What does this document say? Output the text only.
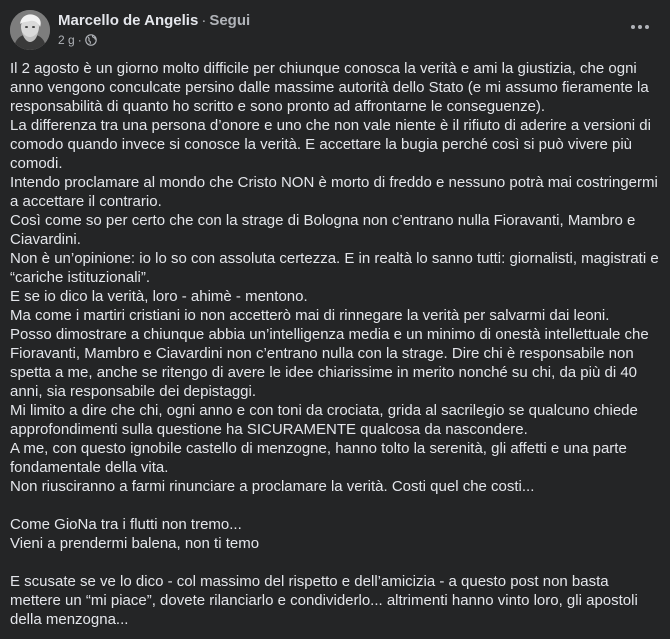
Marcello de Angelis · Segui
2 g ·

Il 2 agosto è un giorno molto difficile per chiunque conosca la verità e ami la giustizia, che ogni anno vengono conculcate persino dalle massime autorità dello Stato (e mi assumo fieramente la responsabilità di quanto ho scritto e sono pronto ad affrontarne le conseguenze).

La differenza tra una persona d’onore e uno che non vale niente è il rifiuto di aderire a versioni di comodo quando invece si conosce la verità. E accettare la bugia perché così si può vivere più comodi.

Intendo proclamare al mondo che Cristo NON è morto di freddo e nessuno potrà mai costringermi a accettare il contrario.

Così come so per certo che con la strage di Bologna non c’entrano nulla Fioravanti, Mambro e Ciavardini.

Non è un’opinione: io lo so con assoluta certezza. E in realtà lo sanno tutti: giornalisti, magistrati e “cariche istituzionali”.

E se io dico la verità, loro - ahimè - mentono.

Ma come i martiri cristiani io non accetterò mai di rinnegare la verità per salvarmi dai leoni.

Posso dimostrare a chiunque abbia un’intelligenza media e un minimo di onestà intellettuale che Fioravanti, Mambro e Ciavardini non c’entrano nulla con la strage. Dire chi è responsabile non spetta a me, anche se ritengo di avere le idee chiarissime in merito nonché su chi, da più di 40 anni, sia responsabile dei depistaggi.

Mi limito a dire che chi, ogni anno e con toni da crociata, grida al sacrilegio se qualcuno chiede approfondimenti sulla questione ha SICURAMENTE qualcosa da nascondere.

A me, con questo ignobile castello di menzogne, hanno tolto la serenità, gli affetti e una parte fondamentale della vita.

Non riusciranno a farmi rinunciare a proclamare la verità. Costi quel che costi...

Come GioNa tra i flutti non tremo...

Vieni a prendermi balena, non ti temo

E scusate se ve lo dico - col massimo del rispetto e dell’amicizia - a questo post non basta mettere un “mi piace”, dovete rilanciarlo e condividerlo... altrimenti hanno vinto loro, gli apostoli della menzogna...
